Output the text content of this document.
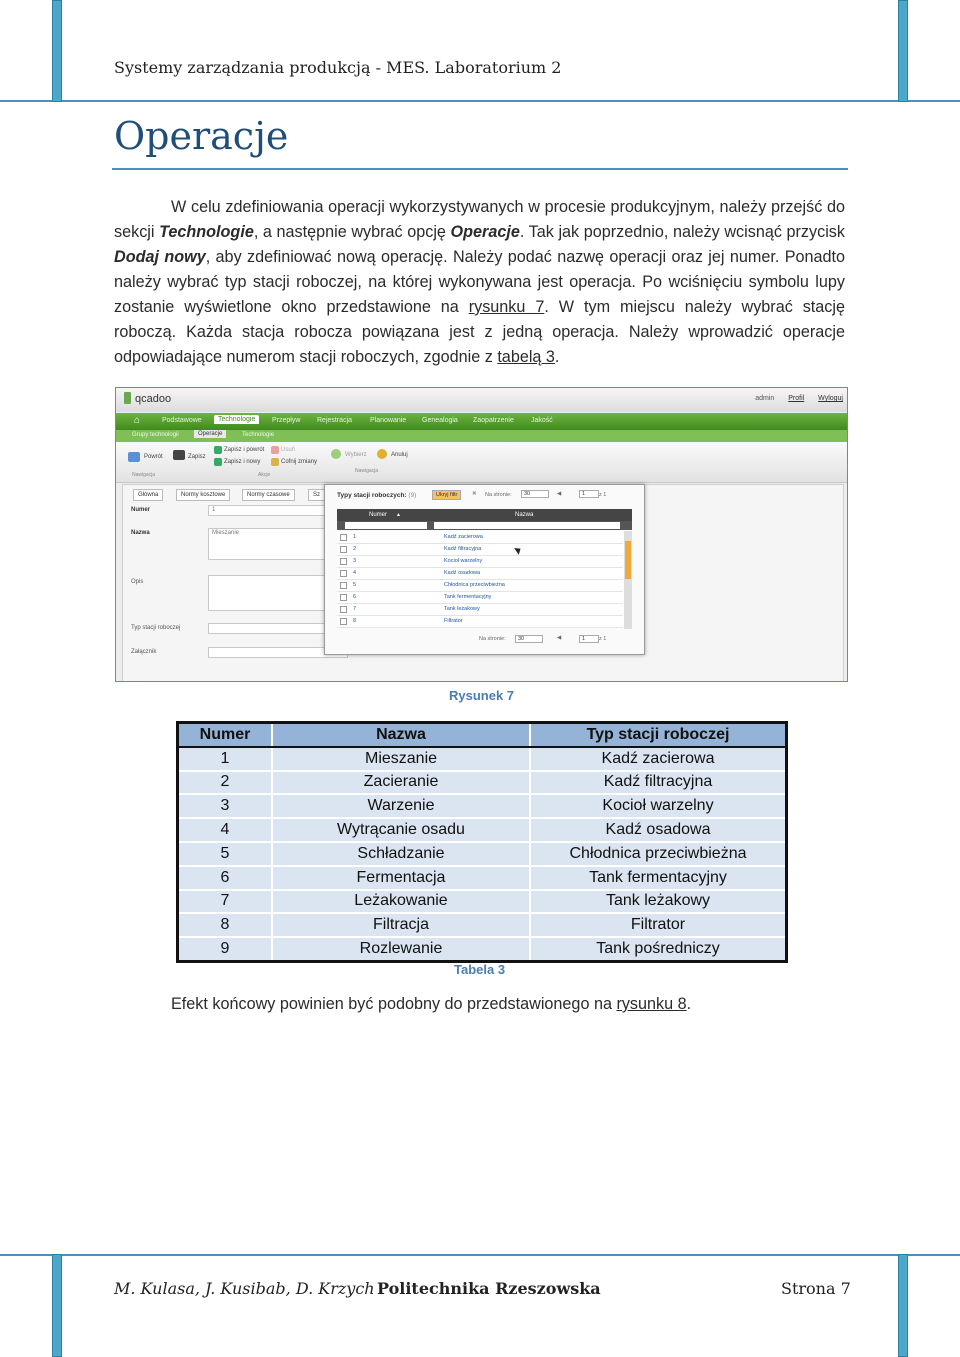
Systemy zarządzania produkcją - MES. Laboratorium 2
Operacje
W celu zdefiniowania operacji wykorzystywanych w procesie produkcyjnym, należy przejść do sekcji Technologie, a następnie wybrać opcję Operacje. Tak jak poprzednio, należy wcisnąć przycisk Dodaj nowy, aby zdefiniować nową operację. Należy podać nazwę operacji oraz jej numer. Ponadto należy wybrać typ stacji roboczej, na której wykonywana jest operacja. Po wciśnięciu symbolu lupy zostanie wyświetlone okno przedstawione na rysunku 7. W tym miejscu należy wybrać stację roboczą. Każda stacja robocza powiązana jest z jedną operacja. Należy wprowadzić operacje odpowiadające numerom stacji roboczych, zgodnie z tabelą 3.
qcadoo	admin Profil Wyloguj
⌂	Podstawowe	Technologie	Przepływ Rejestracja	Planowanie Genealogia Zaopatrzenie Jakość
Grupy technologii	Operacje	Technologie
Powrót	Zapisz
Zapisz i powrót
Zapisz i nowy
Usuń
Cofnij zmiany
Nawigacja	Akcje
Wybierz	Anuluj
Nawigacja
Główna	Normy kosztowe	Normy czasowe	Sz
Numer	1
Nazwa	Mieszanie
Opis
Typ stacji roboczej
Załącznik
Typy stacji roboczych: (9)	Ukryj filtr	✖ Na stronie:	30	◀	1	z 1
Numer ▲	Nazwa
1	Kadź zacierowa
2	Kadź filtracyjna
3	Kocioł warzelny
4	Kadź osadowa
5	Chłodnica przeciwbieżna
6	Tank fermentacyjny
7	Tank leżakowy
8	Filtrator
Na stronie:	30	◀	1	z 1
Rysunek 7
Numer	Nazwa	Typ stacji roboczej
1	Mieszanie	Kadź zacierowa
2	Zacieranie	Kadź filtracyjna
3	Warzenie	Kocioł warzelny
4	Wytrącanie osadu	Kadź osadowa
5	Schładzanie	Chłodnica przeciwbieżna
6	Fermentacja	Tank fermentacyjny
7	Leżakowanie	Tank leżakowy
8	Filtracja	Filtrator
9	Rozlewanie	Tank pośredniczy
Tabela 3
Efekt końcowy powinien być podobny do przedstawionego na rysunku 8.
M. Kulasa, J. Kusibab, D. Krzych Politechnika Rzeszowska	Strona 7
